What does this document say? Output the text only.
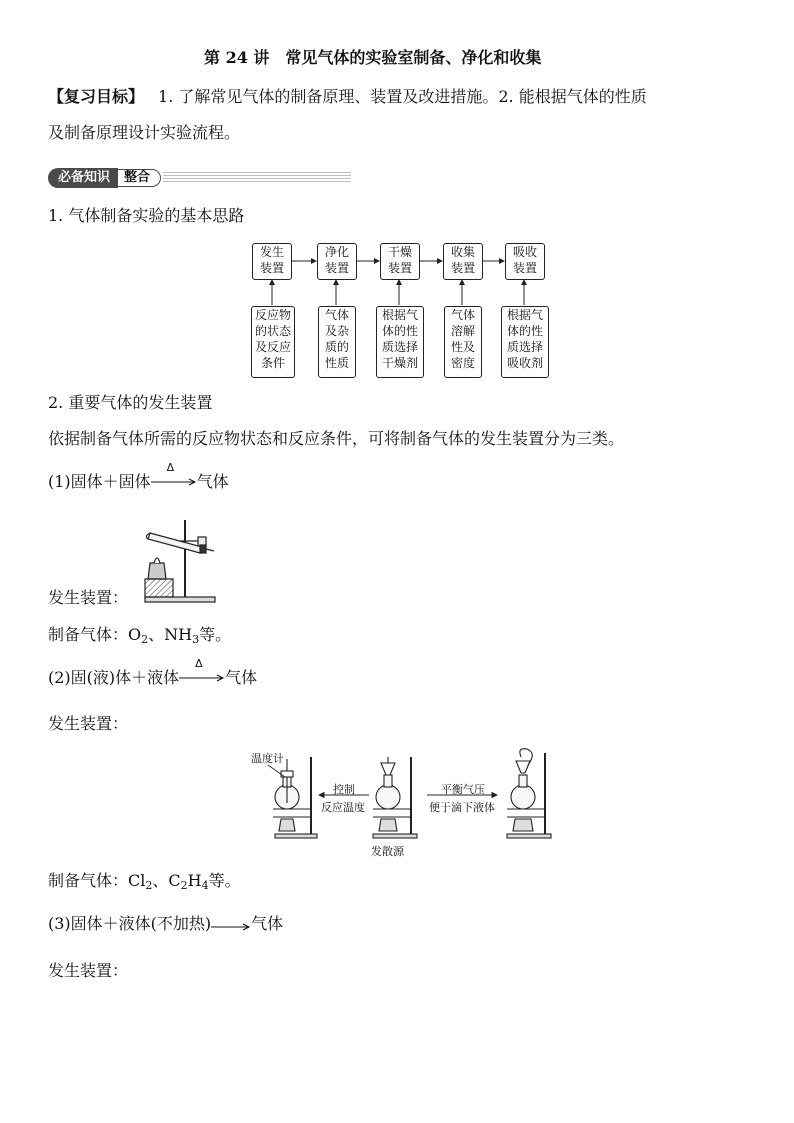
第 24 讲　常见气体的实验室制备、净化和收集
【复习目标】 1. 了解常见气体的制备原理、装置及改进措施。2. 能根据气体的性质
及制备原理设计实验流程。
必备知识	整合
1. 气体制备实验的基本思路
发生
装置
净化
装置
干燥
装置
收集
装置
吸收
装置
反应物
的状态
及反应
条件
气体
及杂
质的
性质
根据气
体的性
质选择
干燥剂
气体
溶解
性及
密度
根据气
体的性
质选择
吸收剂
2. 重要气体的发生装置
依据制备气体所需的反应物状态和反应条件，可将制备气体的发生装置分为三类。
(1)固体＋固体
Δ
气体
发生装置：
制备气体：$O_2$、$NH_3$等。
(2)固(液)体＋液体
Δ
气体
发生装置：
温度计
控制
反应温度
平衡气压
便于滴下液体
发散源
制备气体：$Cl_2$、$C_2H_4$等。
(3)固体＋液体(不加热)	气体
发生装置：
